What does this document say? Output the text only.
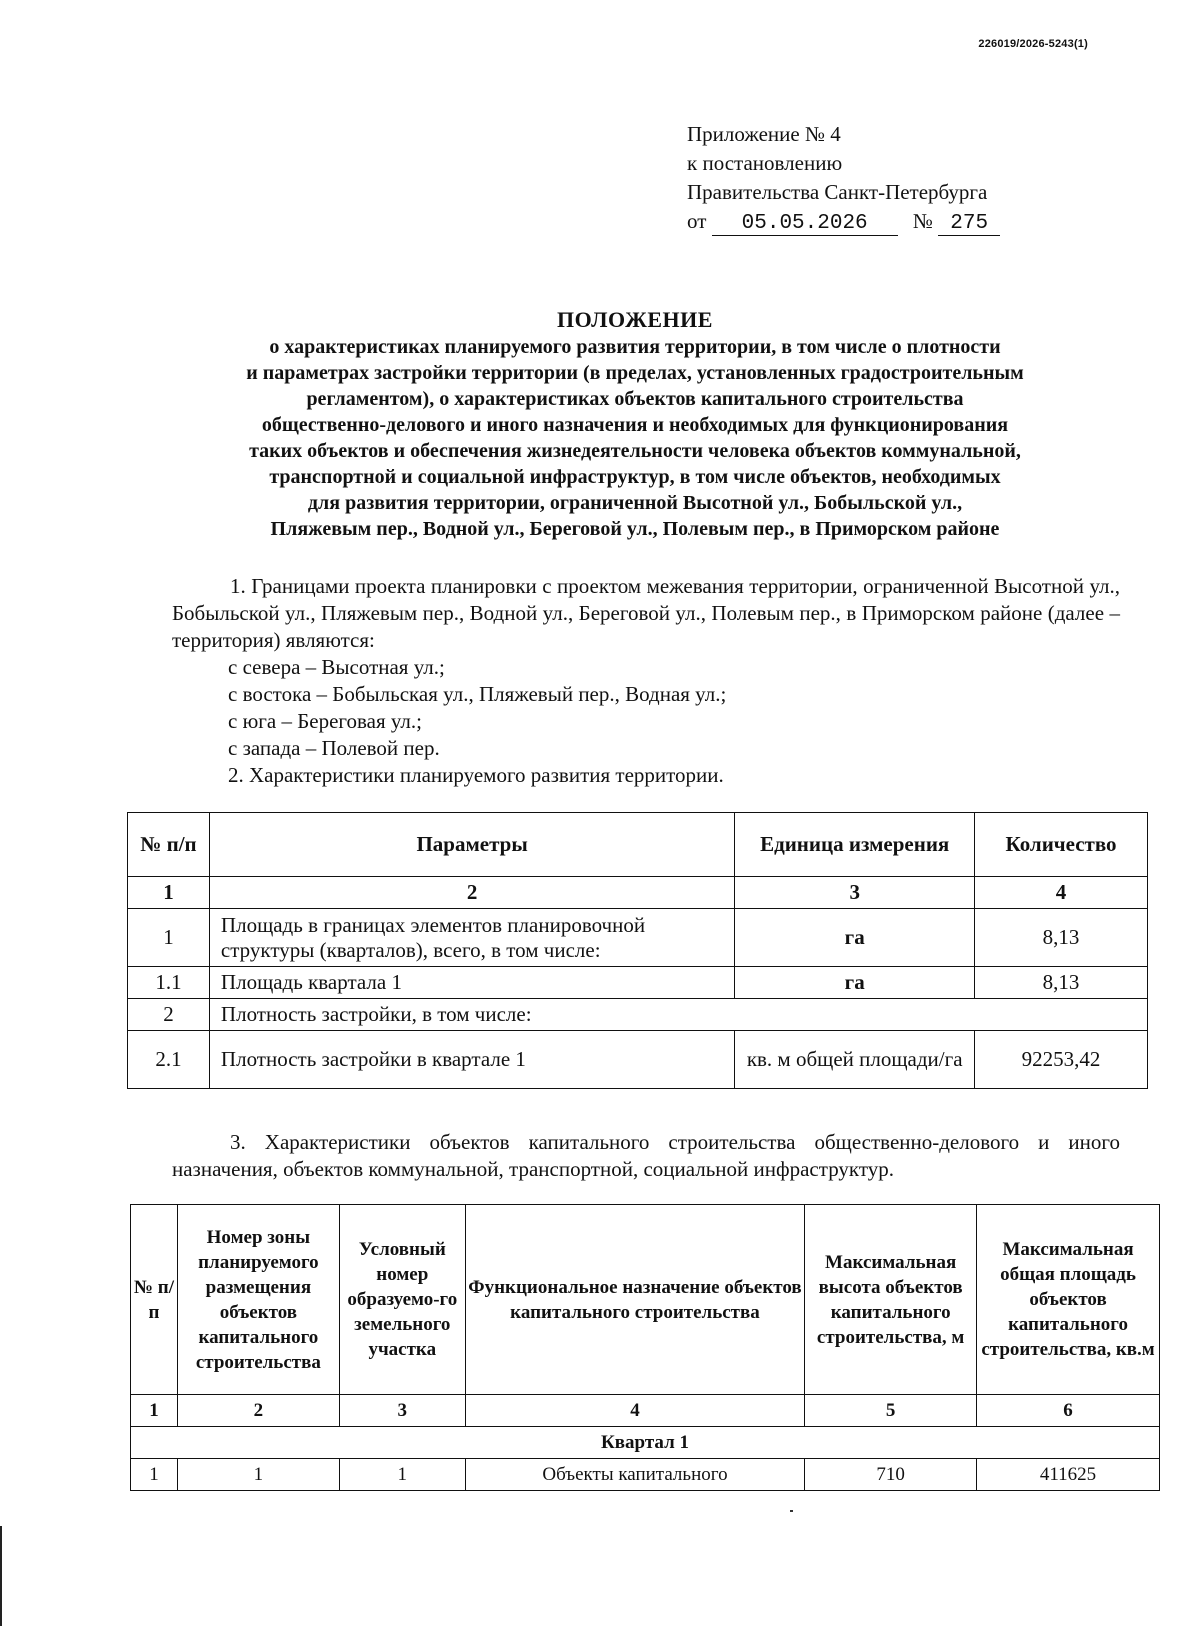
226019/2026-5243(1)
Приложение № 4
к постановлению
Правительства Санкт-Петербурга
от 05.05.2026 № 275
ПОЛОЖЕНИЕ
о характеристиках планируемого развития территории, в том числе о плотности
и параметрах застройки территории (в пределах, установленных градостроительным
регламентом), о характеристиках объектов капитального строительства
общественно-делового и иного назначения и необходимых для функционирования
таких объектов и обеспечения жизнедеятельности человека объектов коммунальной,
транспортной и социальной инфраструктур, в том числе объектов, необходимых
для развития территории, ограниченной Высотной ул., Бобыльской ул.,
Пляжевым пер., Водной ул., Береговой ул., Полевым пер., в Приморском районе
1. Границами проекта планировки с проектом межевания территории, ограниченной Высотной ул., Бобыльской ул., Пляжевым пер., Водной ул., Береговой ул., Полевым пер., в Приморском районе (далее – территория) являются:
с севера – Высотная ул.;
с востока – Бобыльская ул., Пляжевый пер., Водная ул.;
с юга – Береговая ул.;
с запада – Полевой пер.
2. Характеристики планируемого развития территории.
№ п/п	Параметры	Единица измерения	Количество
1	2	3	4
1	Площадь в границах элементов планировочной структуры (кварталов), всего, в том числе:	га	8,13
1.1	Площадь квартала 1	га	8,13
2	Плотность застройки, в том числе:		
2.1	Плотность застройки в квартале 1	кв. м общей площади/га	92253,42
3. Характеристики объектов капитального строительства общественно-делового и иного назначения, объектов коммунальной, транспортной, социальной инфраструктур.
№ п/п	Номер зоны планируемого размещения объектов капитального строительства	Условный номер образуемо-го земельного участка	Функциональное назначение объектов капитального строительства	Максимальная высота объектов капитального строительства, м	Максимальная общая площадь объектов капитального строительства, кв.м
1	2	3	4	5	6
Квартал 1					
1	1	1	Объекты капитального	710	411625
